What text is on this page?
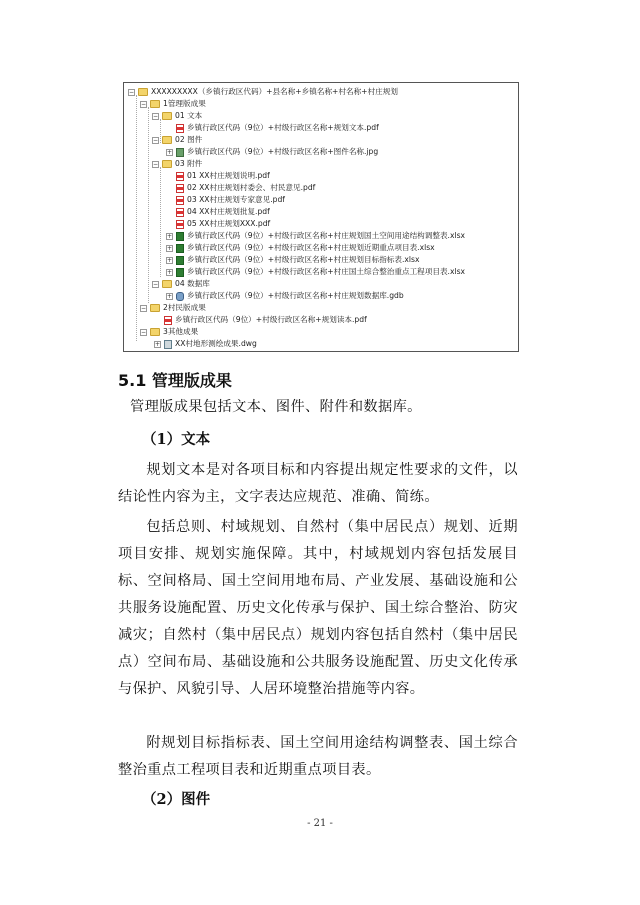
− XXXXXXXXX（乡镇行政区代码）+县名称+乡镇名称+村名称+村庄规划
− 1管理版成果
− 01 文本
乡镇行政区代码（9位）+村级行政区名称+规划文本.pdf
− 02 图件
+ 乡镇行政区代码（9位）+村级行政区名称+图件名称.jpg
− 03 附件
01 XX村庄规划说明.pdf
02 XX村庄规划村委会、村民意见.pdf
03 XX村庄规划专家意见.pdf
04 XX村庄规划批复.pdf
05 XX村庄规划XXX.pdf
+ 乡镇行政区代码（9位）+村级行政区名称+村庄规划国土空间用途结构调整表.xlsx
+ 乡镇行政区代码（9位）+村级行政区名称+村庄规划近期重点项目表.xlsx
+ 乡镇行政区代码（9位）+村级行政区名称+村庄规划目标指标表.xlsx
+ 乡镇行政区代码（9位）+村级行政区名称+村庄国土综合整治重点工程项目表.xlsx
− 04 数据库
+ 乡镇行政区代码（9位）+村级行政区名称+村庄规划数据库.gdb
− 2村民版成果
乡镇行政区代码（9位）+村级行政区名称+规划读本.pdf
− 3其他成果
+ XX村地形测绘成果.dwg
5.1 管理版成果
管理版成果包括文本、图件、附件和数据库。
（1）文本
规划文本是对各项目标和内容提出规定性要求的文件，以结论性内容为主，文字表达应规范、准确、简练。
包括总则、村域规划、自然村（集中居民点）规划、近期项目安排、规划实施保障。其中，村域规划内容包括发展目标、空间格局、国土空间用地布局、产业发展、基础设施和公共服务设施配置、历史文化传承与保护、国土综合整治、防灾减灾；自然村（集中居民点）规划内容包括自然村（集中居民点）空间布局、基础设施和公共服务设施配置、历史文化传承与保护、风貌引导、人居环境整治措施等内容。
附规划目标指标表、国土空间用途结构调整表、国土综合整治重点工程项目表和近期重点项目表。
（2）图件
- 21 -
